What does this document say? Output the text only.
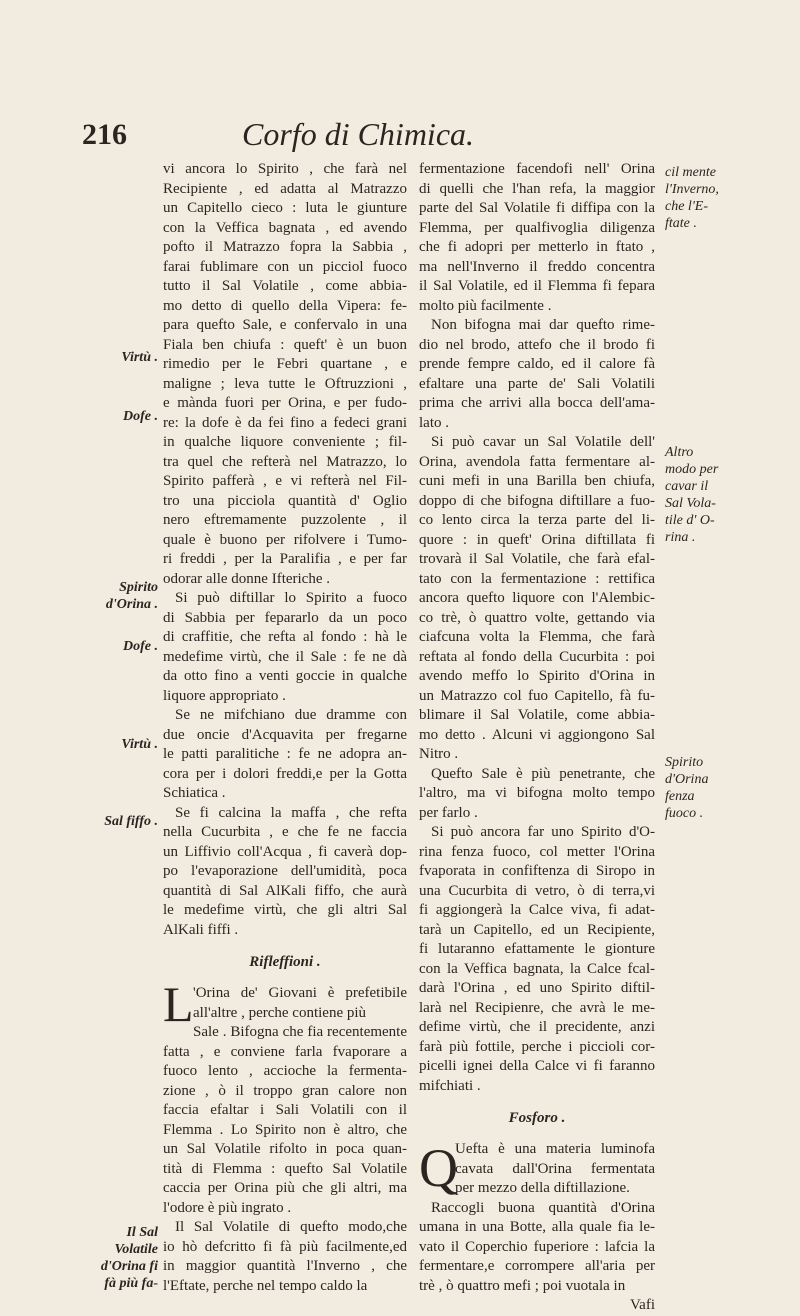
216	Corfo di Chimica.
vi ancora lo Spirito , che farà nel
Recipiente , ed adatta al Matrazzo
un Capitello cieco : luta le giunture
con la Veffica bagnata , ed avendo
pofto il Matrazzo fopra la Sabbia ,
farai fublimare con un picciol fuoco
tutto il Sal Volatile , come abbia-
mo detto di quello della Vipera: fe-
para quefto Sale, e confervalo in una
Fiala ben chiufa : queft' è un buon
rimedio per le Febri quartane , e
maligne ; leva tutte le Oftruzzioni ,
e mànda fuori per Orina, e per fudo-
re: la dofe è da fei fino a fedeci grani
in qualche liquore conveniente ; fil-
tra quel che refterà nel Matrazzo, lo
Spirito pafferà , e vi refterà nel Fil-
tro una picciola quantità d' Oglio
nero eftremamente puzzolente , il
quale è buono per rifolvere i Tumo-
ri freddi , per la Paralifia , e per far
odorar alle donne Ifteriche .
Si può diftillar lo Spirito a fuoco
di Sabbia per fepararlo da un poco
di craffitie, che refta al fondo : hà le
medefime virtù, che il Sale : fe ne dà
da otto fino a venti goccie in qualche
liquore appropriato .
Se ne mifchiano due dramme con
due oncie d'Acquavita per fregarne
le patti paralitiche : fe ne adopra an-
cora per i dolori freddi,e per la Gotta
Schiatica .
Se fi calcina la maffa , che refta
nella Cucurbita , e che fe ne faccia
un Liffivio coll'Acqua , fi caverà dop-
po l'evaporazione dell'umidità, poca
quantità di Sal AlKali fiffo, che aurà
le medefime virtù, che gli altri Sal
AlKali fiffi .
Rifleffioni .
L 'Orina de' Giovani è prefetibile
all'altre , perche contiene più
Sale . Bifogna che fia recentemente
fatta , e conviene farla fvaporare a
fuoco lento , accioche la fermenta-
zione , ò il troppo gran calore non
faccia efaltar i Sali Volatili con il
Flemma . Lo Spirito non è altro, che
un Sal Volatile rifolto in poca quan-
tità di Flemma : quefto Sal Volatile
caccia per Orina più che gli altri, ma
l'odore è più ingrato .
Il Sal Volatile di quefto modo,che
io hò defcritto fi fà più facilmente,ed
in maggior quantità l'Inverno , che
l'Eftate, perche nel tempo caldo la
fermentazione facendofi nell' Orina
di quelli che l'han refa, la maggior
parte del Sal Volatile fi diffipa con la
Flemma, per qualfivoglia diligenza
che fi adopri per metterlo in ftato ,
ma nell'Inverno il freddo concentra
il Sal Volatile, ed il Flemma fi fepara
molto più facilmente .
Non bifogna mai dar quefto rime-
dio nel brodo, attefo che il brodo fi
prende fempre caldo, ed il calore fà
efaltare una parte de' Sali Volatili
prima che arrivi alla bocca dell'ama-
lato .
Si può cavar un Sal Volatile dell'
Orina, avendola fatta fermentare al-
cuni mefi in una Barilla ben chiufa,
doppo di che bifogna diftillare a fuo-
co lento circa la terza parte del li-
quore : in queft' Orina diftillata fi
trovarà il Sal Volatile, che farà efal-
tato con la fermentazione : rettifica
ancora quefto liquore con l'Alembic-
co trè, ò quattro volte, gettando via
ciafcuna volta la Flemma, che farà
reftata al fondo della Cucurbita : poi
avendo meffo lo Spirito d'Orina in
un Matrazzo col fuo Capitello, fà fu-
blimare il Sal Volatile, come abbia-
mo detto . Alcuni vi aggiongono Sal
Nitro .
Quefto Sale è più penetrante, che
l'altro, ma vi bifogna molto tempo
per farlo .
Si può ancora far uno Spirito d'O-
rina fenza fuoco, col metter l'Orina
fvaporata in confiftenza di Siropo in
una Cucurbita di vetro, ò di terra,vi
fi aggiongerà la Calce viva, fi adat-
tarà un Capitello, ed un Recipiente,
fi lutaranno efattamente le gionture
con la Veffica bagnata, la Calce fcal-
darà l'Orina , ed uno Spirito diftil-
larà nel Recipienre, che avrà le me-
defime virtù, che il precidente, anzi
farà più fottile, perche i piccioli cor-
picelli ignei della Calce vi fi faranno
mifchiati .
Fosforo .
Q
Uefta è una materia luminofa
cavata dall'Orina fermentata
per mezzo della diftillazione.
Raccogli buona quantità d'Orina
umana in una Botte, alla quale fia le-
vato il Coperchio fuperiore : lafcia la
fermentare,e corrompere all'aria per
trè , ò quattro mefi ; poi vuotala in
Vafi
Virtù .
Dofe .
Spirito
d'Orina .
Dofe .
Virtù .
Sal fiffo .
Il Sal
Volatile
d'Orina fi
fà più fa-
cil mente
l'Inverno,
che l'E-
ftate .
Altro
modo per
cavar il
Sal Vola-
tile d' O-
rina .
Spirito
d'Orina
fenza
fuoco .
